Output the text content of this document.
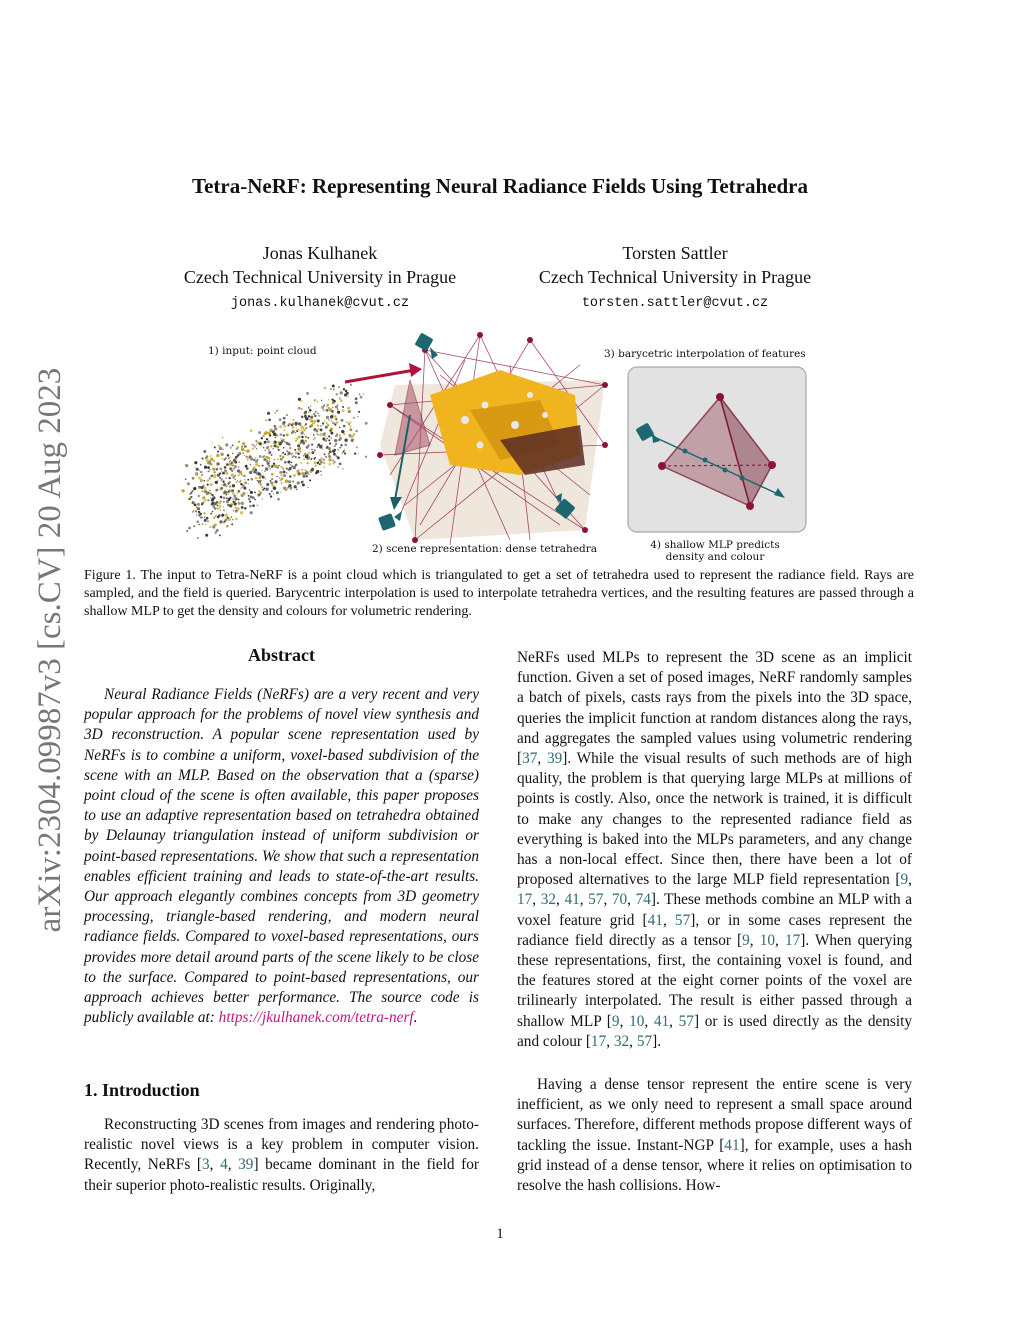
arXiv:2304.09987v3 [cs.CV] 20 Aug 2023
Tetra-NeRF: Representing Neural Radiance Fields Using Tetrahedra
Jonas Kulhanek
Czech Technical University in Prague
jonas.kulhanek@cvut.cz
Torsten Sattler
Czech Technical University in Prague
torsten.sattler@cvut.cz
1) input: point cloud	3) barycetric interpolation of features
2) scene representation: dense tetrahedra	4) shallow MLP predicts
density and colour
Figure 1. The input to Tetra-NeRF is a point cloud which is triangulated to get a set of tetrahedra used to represent the radiance field. Rays are sampled, and the field is queried. Barycentric interpolation is used to interpolate tetrahedra vertices, and the resulting features are passed through a shallow MLP to get the density and colours for volumetric rendering.
Abstract
Neural Radiance Fields (NeRFs) are a very recent and very popular approach for the problems of novel view synthesis and 3D reconstruction. A popular scene representation used by NeRFs is to combine a uniform, voxel-based subdivision of the scene with an MLP. Based on the observation that a (sparse) point cloud of the scene is often available, this paper proposes to use an adaptive representation based on tetrahedra obtained by Delaunay triangulation instead of uniform subdivision or point-based representations. We show that such a representation enables efficient training and leads to state-of-the-art results. Our approach elegantly combines concepts from 3D geometry processing, triangle-based rendering, and modern neural radiance fields. Compared to voxel-based representations, ours provides more detail around parts of the scene likely to be close to the surface. Compared to point-based representations, our approach achieves better performance. The source code is publicly available at: https://jkulhanek.com/tetra-nerf.
1. Introduction
Reconstructing 3D scenes from images and rendering photo-realistic novel views is a key problem in computer vision. Recently, NeRFs [3, 4, 39] became dominant in the field for their superior photo-realistic results. Originally,
NeRFs used MLPs to represent the 3D scene as an implicit function. Given a set of posed images, NeRF randomly samples a batch of pixels, casts rays from the pixels into the 3D space, queries the implicit function at random distances along the rays, and aggregates the sampled values using volumetric rendering [37, 39]. While the visual results of such methods are of high quality, the problem is that querying large MLPs at millions of points is costly. Also, once the network is trained, it is difficult to make any changes to the represented radiance field as everything is baked into the MLPs parameters, and any change has a non-local effect. Since then, there have been a lot of proposed alternatives to the large MLP field representation [9, 17, 32, 41, 57, 70, 74]. These methods combine an MLP with a voxel feature grid [41, 57], or in some cases represent the radiance field directly as a tensor [9, 10, 17]. When querying these representations, first, the containing voxel is found, and the features stored at the eight corner points of the voxel are trilinearly interpolated. The result is either passed through a shallow MLP [9, 10, 41, 57] or is used directly as the density and colour [17, 32, 57].
Having a dense tensor represent the entire scene is very inefficient, as we only need to represent a small space around surfaces. Therefore, different methods propose different ways of tackling the issue. Instant-NGP [41], for example, uses a hash grid instead of a dense tensor, where it relies on optimisation to resolve the hash collisions. How-
1
